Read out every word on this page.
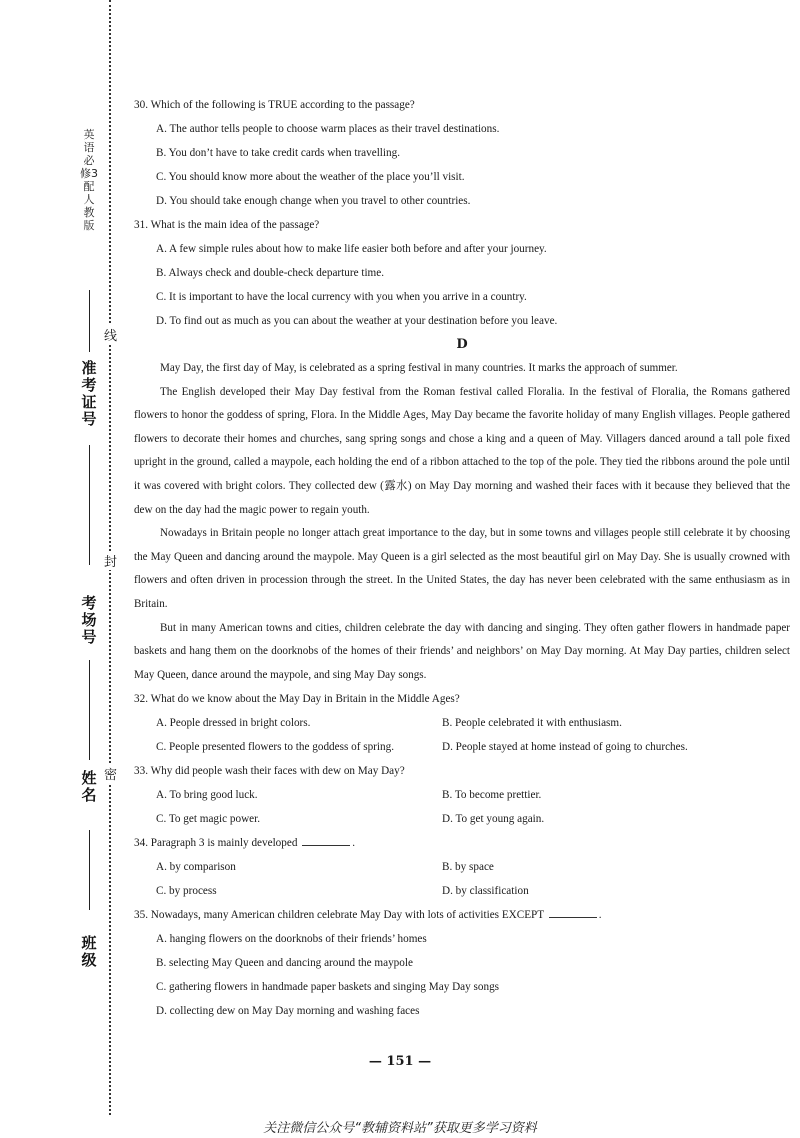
线
封
密
英语 必修3 配人教版
准考证号
考场号
姓名
班级
30. Which of the following is TRUE according to the passage?
A. The author tells people to choose warm places as their travel destinations.
B. You don’t have to take credit cards when travelling.
C. You should know more about the weather of the place you’ll visit.
D. You should take enough change when you travel to other countries.
31. What is the main idea of the passage?
A. A few simple rules about how to make life easier both before and after your journey.
B. Always check and double-check departure time.
C. It is important to have the local currency with you when you arrive in a country.
D. To find out as much as you can about the weather at your destination before you leave.
D

May Day, the first day of May, is celebrated as a spring festival in many countries. It marks the approach of summer.

The English developed their May Day festival from the Roman festival called Floralia. In the festival of Floralia, the Romans gathered flowers to honor the goddess of spring, Flora. In the Middle Ages, May Day became the favorite holiday of many English villages. People gathered flowers to decorate their homes and churches, sang spring songs and chose a king and a queen of May. Villagers danced around a tall pole fixed upright in the ground, called a maypole, each holding the end of a ribbon attached to the top of the pole. They tied the ribbons around the pole until it was covered with bright colors. They collected dew (露水) on May Day morning and washed their faces with it because they believed that the dew on the day had the magic power to regain youth.

Nowadays in Britain people no longer attach great importance to the day, but in some towns and villages people still celebrate it by choosing the May Queen and dancing around the maypole. May Queen is a girl selected as the most beautiful girl on May Day. She is usually crowned with flowers and often driven in procession through the street. In the United States, the day has never been celebrated with the same enthusiasm as in Britain.

But in many American towns and cities, children celebrate the day with dancing and singing. They often gather flowers in handmade paper baskets and hang them on the doorknobs of the homes of their friends’ and neighbors’ on May Day morning. At May Day parties, children select May Queen, dance around the maypole, and sing May Day songs.

32. What do we know about the May Day in Britain in the Middle Ages?
A. People dressed in bright colors.	B. People celebrated it with enthusiasm.
C. People presented flowers to the goddess of spring.	D. People stayed at home instead of going to churches.
33. Why did people wash their faces with dew on May Day?
A. To bring good luck.	B. To become prettier.
C. To get magic power.	D. To get young again.
34. Paragraph 3 is mainly developed	.
A. by comparison	B. by space
C. by process	D. by classification
35. Nowadays, many American children celebrate May Day with lots of activities EXCEPT	.
A. hanging flowers on the doorknobs of their friends’ homes
B. selecting May Queen and dancing around the maypole
C. gathering flowers in handmade paper baskets and singing May Day songs
D. collecting dew on May Day morning and washing faces
— 151 —
关注微信公众号“教辅资料站”获取更多学习资料
